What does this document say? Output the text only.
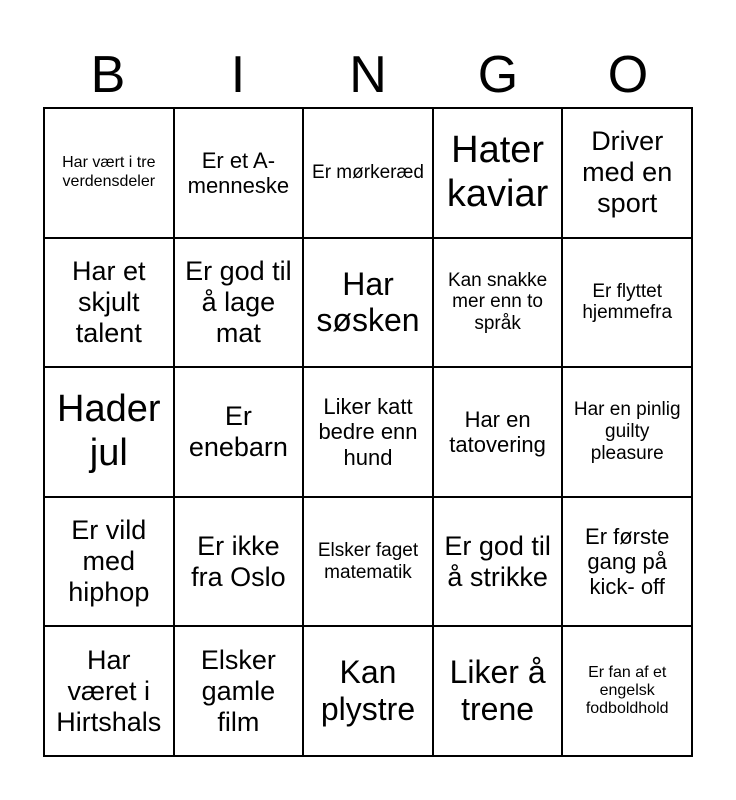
B	I	N	G	O
Har vært i tre verdensdeler
Er et A-menneske
Er mørkeræd
Hater kaviar
Driver med en sport
Har et skjult talent
Er god til å lage mat
Har søsken
Kan snakke mer enn to språk
Er flyttet hjemmefra
Hader jul
Er enebarn
Liker katt bedre enn hund
Har en tatovering
Har en pinlig guilty pleasure
Er vild med hiphop
Er ikke fra Oslo
Elsker faget matematik
Er god til å strikke
Er første gang på kick- off
Har været i Hirtshals
Elsker gamle film
Kan plystre
Liker å trene
Er fan af et engelsk fodboldhold
